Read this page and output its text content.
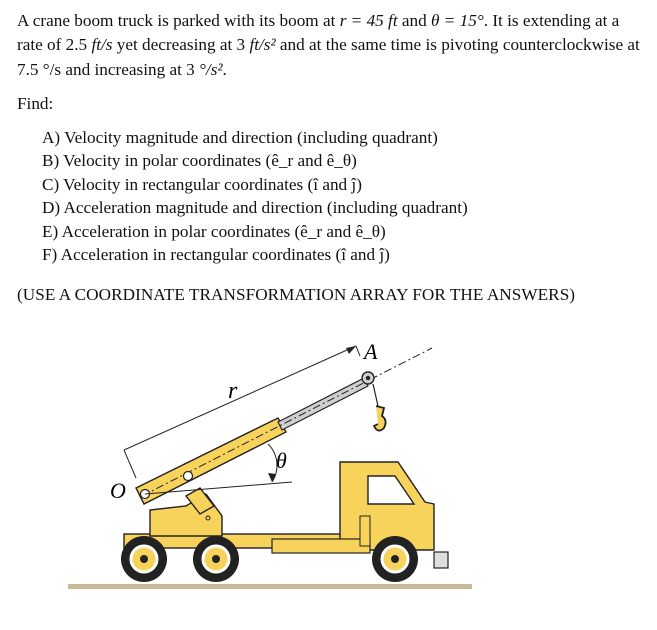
A crane boom truck is parked with its boom at r = 45 ft and θ = 15°. It is extending at a rate of 2.5 ft/s yet decreasing at 3 ft/s² and at the same time is pivoting counterclockwise at 7.5 °/s and increasing at 3 °/s².
Find:
A) Velocity magnitude and direction (including quadrant)
B) Velocity in polar coordinates (ê_r and ê_θ)
C) Velocity in rectangular coordinates (î and ĵ)
D) Acceleration magnitude and direction (including quadrant)
E) Acceleration in polar coordinates (ê_r and ê_θ)
F) Acceleration in rectangular coordinates (î and ĵ)
(USE A COORDINATE TRANSFORMATION ARRAY FOR THE ANSWERS)
O
r
θ
A
